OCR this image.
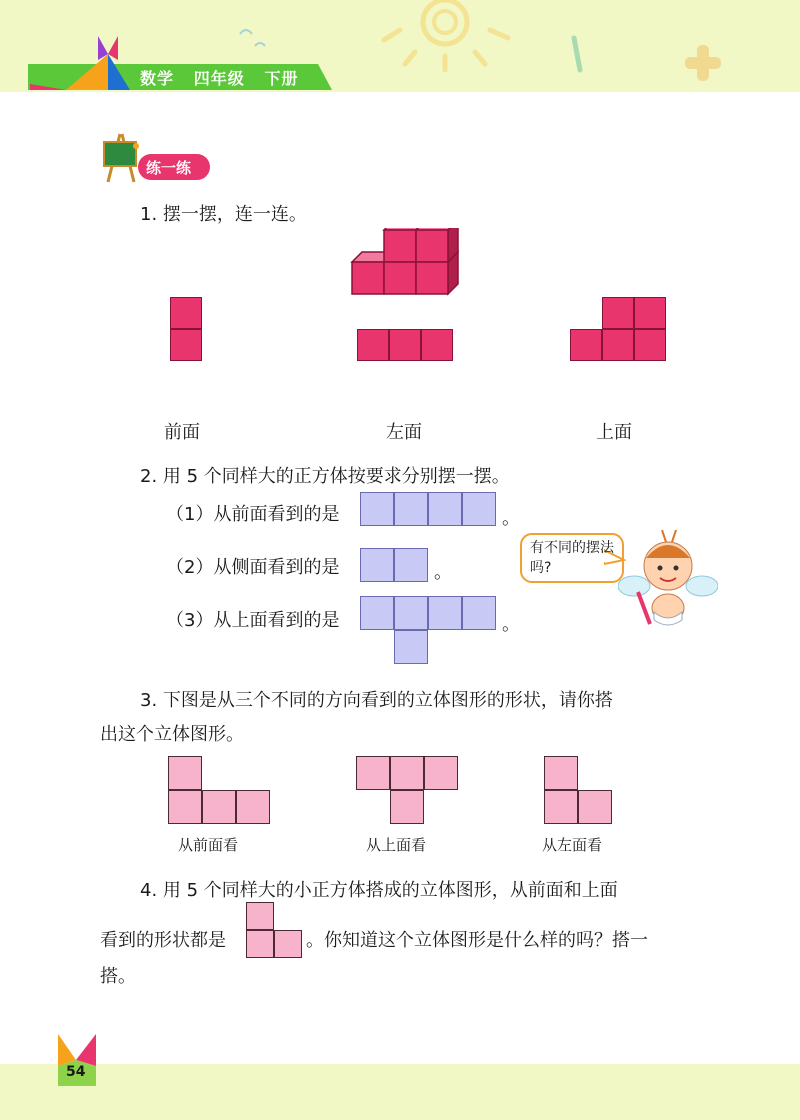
数学 四年级 下册
练一练
1. 摆一摆，连一连。
前面	左面	上面
2. 用 5 个同样大的正方体按要求分别摆一摆。
（1）从前面看到的是	。
（2）从侧面看到的是	。
（3）从上面看到的是	。
有不同的摆法吗?
3. 下图是从三个不同的方向看到的立体图形的形状，请你搭
出这个立体图形。
从前面看	从上面看	从左面看
4. 用 5 个同样大的小正方体搭成的立体图形，从前面和上面
看到的形状都是	。你知道这个立体图形是什么样的吗？搭一
搭。
54
